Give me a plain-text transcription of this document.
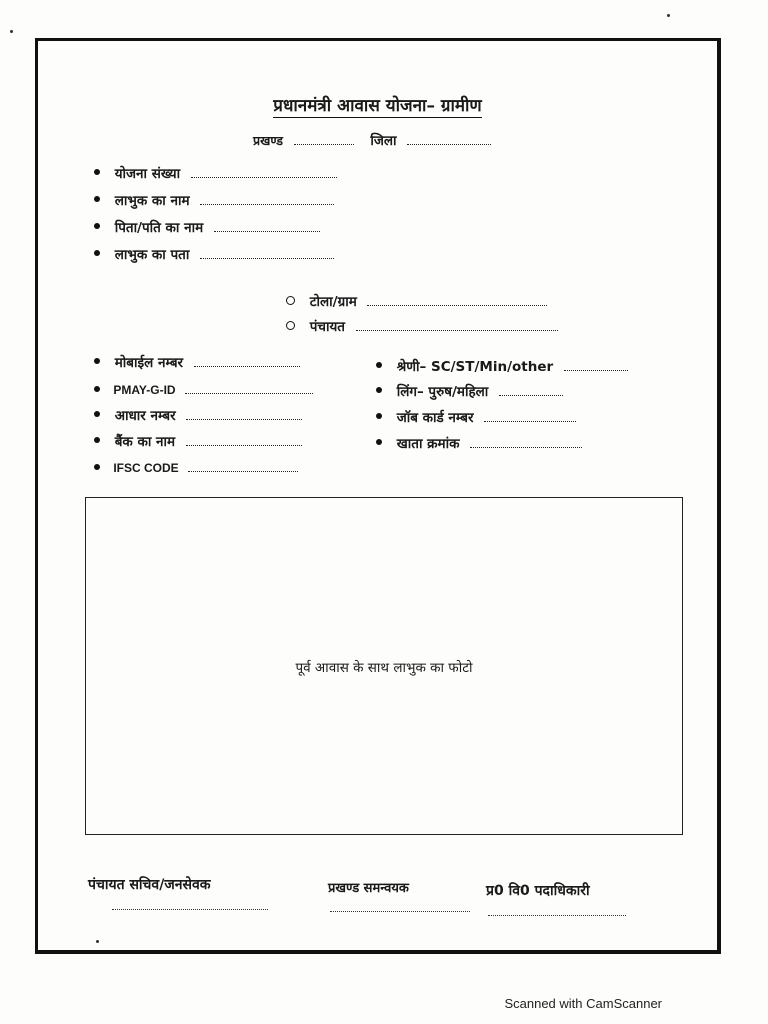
प्रधानमंत्री आवास योजना– ग्रामीण
प्रखण्ड	जिला
योजना संख्या
लाभुक का नाम
पिता/पति का नाम
लाभुक का पता
टोला/ग्राम
पंचायत
मोबाईल नम्बर
PMAY-G-ID
आधार नम्बर
बैंक का नाम
IFSC CODE
श्रेणी– SC/ST/Min/other
लिंग– पुरुष/महिला
जॉब कार्ड नम्बर
खाता क्रमांक
पूर्व आवास के साथ लाभुक का फोटो
पंचायत सचिव/जनसेवक	प्रखण्ड समन्वयक	प्र0 वि0 पदाधिकारी
Scanned with CamScanner
